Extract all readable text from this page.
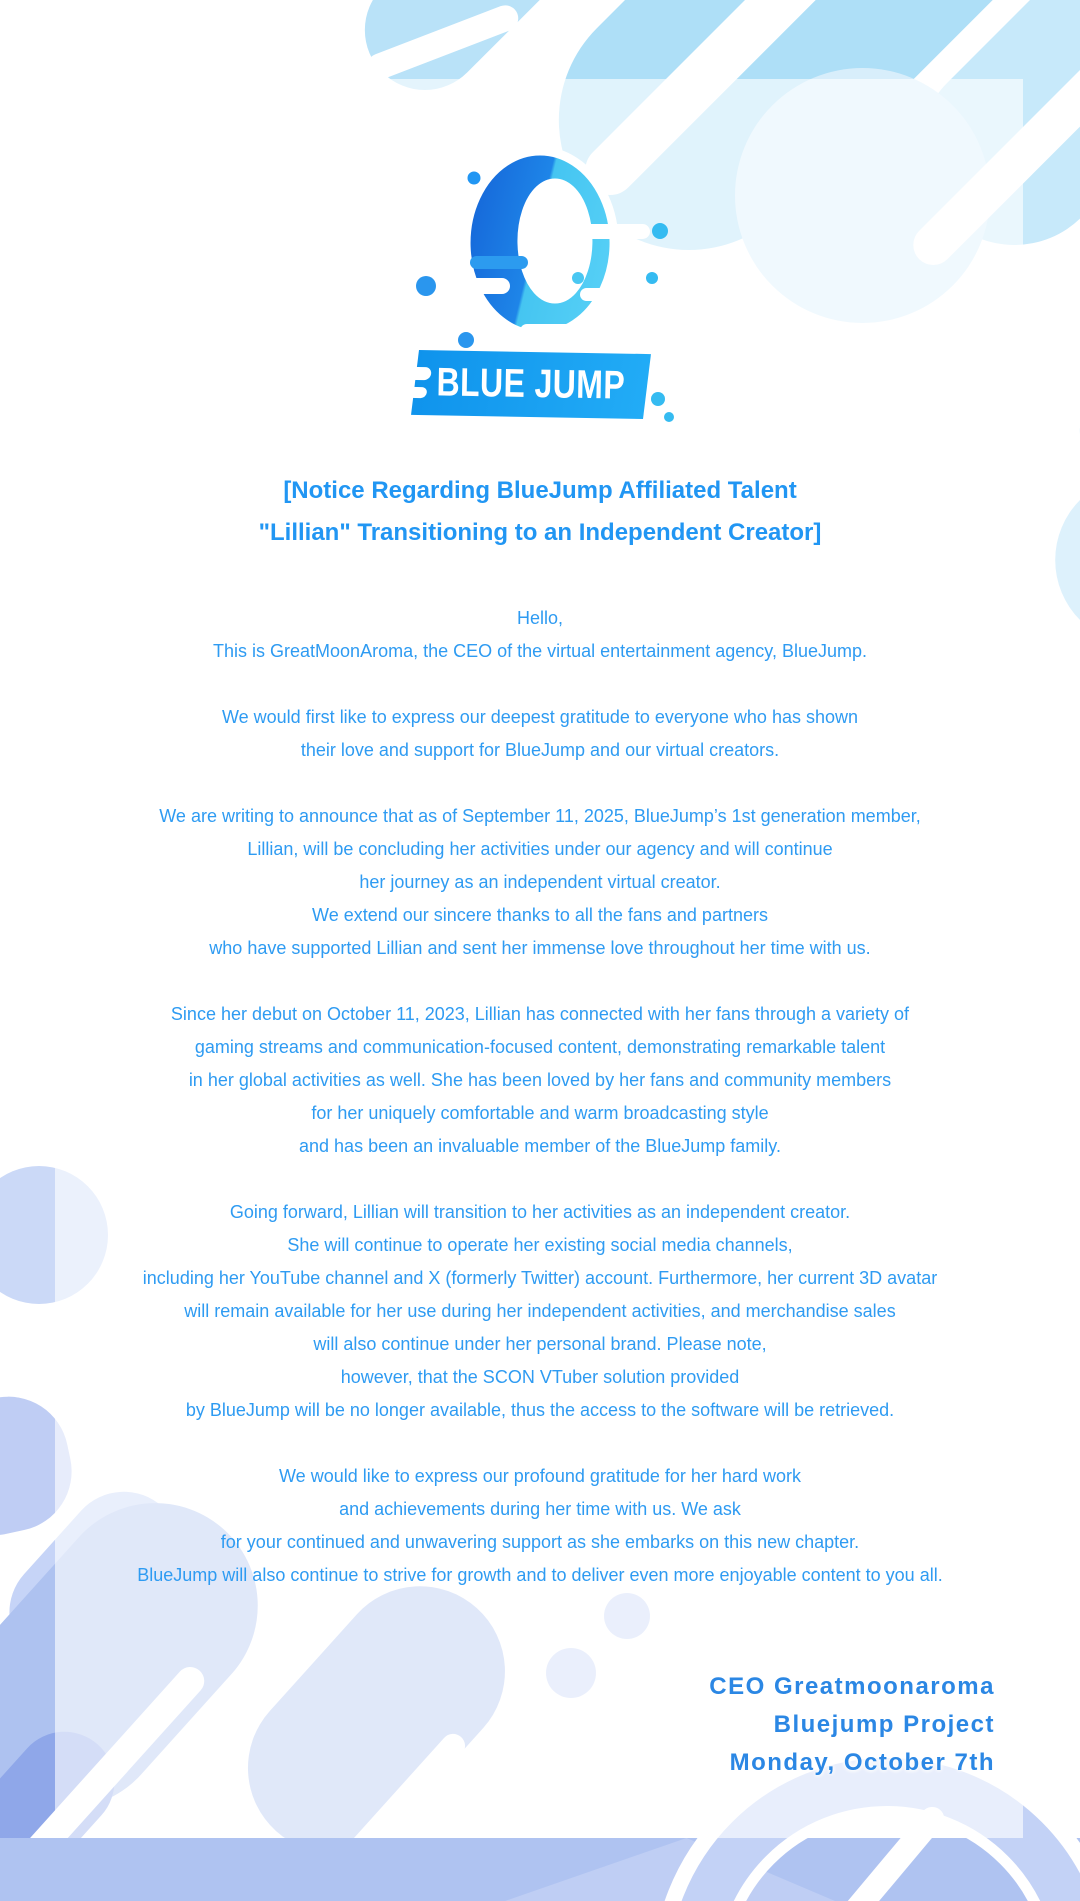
BLUE JUMP
[Notice Regarding BlueJump Affiliated Talent
"Lillian" Transitioning to an Independent Creator]

Hello,
This is GreatMoonAroma, the CEO of the virtual entertainment agency, BlueJump.

We would first like to express our deepest gratitude to everyone who has shown
their love and support for BlueJump and our virtual creators.

We are writing to announce that as of September 11, 2025, BlueJump’s 1st generation member,
Lillian, will be concluding her activities under our agency and will continue
her journey as an independent virtual creator.
We extend our sincere thanks to all the fans and partners
who have supported Lillian and sent her immense love throughout her time with us.

Since her debut on October 11, 2023, Lillian has connected with her fans through a variety of
gaming streams and communication-focused content, demonstrating remarkable talent
in her global activities as well. She has been loved by her fans and community members
for her uniquely comfortable and warm broadcasting style
and has been an invaluable member of the BlueJump family.

Going forward, Lillian will transition to her activities as an independent creator.
She will continue to operate her existing social media channels,
including her YouTube channel and X (formerly Twitter) account. Furthermore, her current 3D avatar
will remain available for her use during her independent activities, and merchandise sales
will also continue under her personal brand. Please note,
however, that the SCON VTuber solution provided
by BlueJump will be no longer available, thus the access to the software will be retrieved.

We would like to express our profound gratitude for her hard work
and achievements during her time with us. We ask
for your continued and unwavering support as she embarks on this new chapter.
BlueJump will also continue to strive for growth and to deliver even more enjoyable content to you all.

CEO Greatmoonaroma
Bluejump Project
Monday, October 7th
